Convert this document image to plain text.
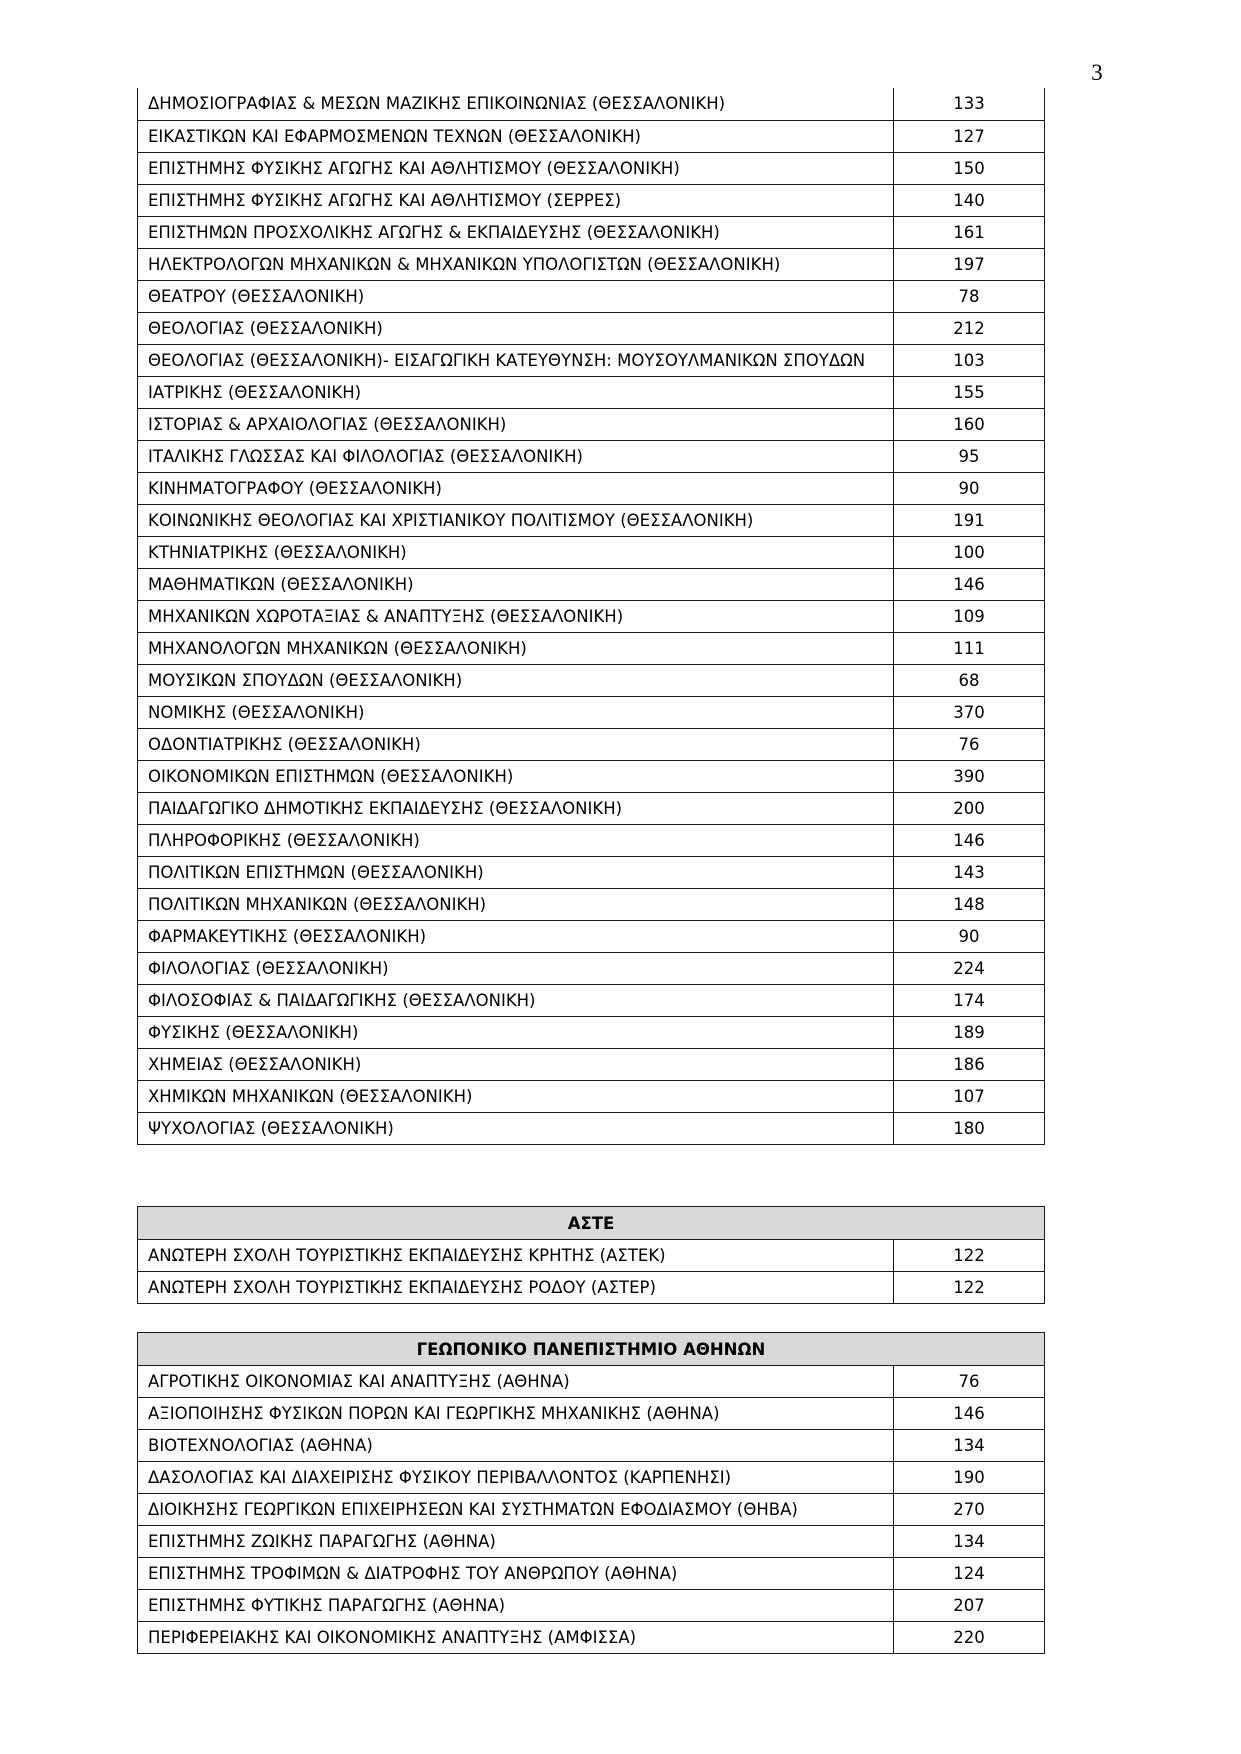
3
ΔΗΜΟΣΙΟΓΡΑΦΙΑΣ & ΜΕΣΩΝ ΜΑΖΙΚΗΣ ΕΠΙΚΟΙΝΩΝΙΑΣ (ΘΕΣΣΑΛΟΝΙΚΗ)	133
ΕΙΚΑΣΤΙΚΩΝ ΚΑΙ ΕΦΑΡΜΟΣΜΕΝΩΝ ΤΕΧΝΩΝ (ΘΕΣΣΑΛΟΝΙΚΗ)	127
ΕΠΙΣΤΗΜΗΣ ΦΥΣΙΚΗΣ ΑΓΩΓΗΣ ΚΑΙ ΑΘΛΗΤΙΣΜΟΥ (ΘΕΣΣΑΛΟΝΙΚΗ)	150
ΕΠΙΣΤΗΜΗΣ ΦΥΣΙΚΗΣ ΑΓΩΓΗΣ ΚΑΙ ΑΘΛΗΤΙΣΜΟΥ (ΣΕΡΡΕΣ)	140
ΕΠΙΣΤΗΜΩΝ ΠΡΟΣΧΟΛΙΚΗΣ ΑΓΩΓΗΣ & ΕΚΠΑΙΔΕΥΣΗΣ (ΘΕΣΣΑΛΟΝΙΚΗ)	161
ΗΛΕΚΤΡΟΛΟΓΩΝ ΜΗΧΑΝΙΚΩΝ & ΜΗΧΑΝΙΚΩΝ ΥΠΟΛΟΓΙΣΤΩΝ (ΘΕΣΣΑΛΟΝΙΚΗ)	197
ΘΕΑΤΡΟΥ (ΘΕΣΣΑΛΟΝΙΚΗ)	78
ΘΕΟΛΟΓΙΑΣ (ΘΕΣΣΑΛΟΝΙΚΗ)	212
ΘΕΟΛΟΓΙΑΣ (ΘΕΣΣΑΛΟΝΙΚΗ)- ΕΙΣΑΓΩΓΙΚΗ ΚΑΤΕΥΘΥΝΣΗ: ΜΟΥΣΟΥΛΜΑΝΙΚΩΝ ΣΠΟΥΔΩΝ	103
ΙΑΤΡΙΚΗΣ (ΘΕΣΣΑΛΟΝΙΚΗ)	155
ΙΣΤΟΡΙΑΣ & ΑΡΧΑΙΟΛΟΓΙΑΣ (ΘΕΣΣΑΛΟΝΙΚΗ)	160
ΙΤΑΛΙΚΗΣ ΓΛΩΣΣΑΣ ΚΑΙ ΦΙΛΟΛΟΓΙΑΣ (ΘΕΣΣΑΛΟΝΙΚΗ)	95
ΚΙΝΗΜΑΤΟΓΡΑΦΟΥ (ΘΕΣΣΑΛΟΝΙΚΗ)	90
ΚΟΙΝΩΝΙΚΗΣ ΘΕΟΛΟΓΙΑΣ ΚΑΙ ΧΡΙΣΤΙΑΝΙΚΟΥ ΠΟΛΙΤΙΣΜΟΥ (ΘΕΣΣΑΛΟΝΙΚΗ)	191
ΚΤΗΝΙΑΤΡΙΚΗΣ (ΘΕΣΣΑΛΟΝΙΚΗ)	100
ΜΑΘΗΜΑΤΙΚΩΝ (ΘΕΣΣΑΛΟΝΙΚΗ)	146
ΜΗΧΑΝΙΚΩΝ ΧΩΡΟΤΑΞΙΑΣ & ΑΝΑΠΤΥΞΗΣ (ΘΕΣΣΑΛΟΝΙΚΗ)	109
ΜΗΧΑΝΟΛΟΓΩΝ ΜΗΧΑΝΙΚΩΝ (ΘΕΣΣΑΛΟΝΙΚΗ)	111
ΜΟΥΣΙΚΩΝ ΣΠΟΥΔΩΝ (ΘΕΣΣΑΛΟΝΙΚΗ)	68
ΝΟΜΙΚΗΣ (ΘΕΣΣΑΛΟΝΙΚΗ)	370
ΟΔΟΝΤΙΑΤΡΙΚΗΣ (ΘΕΣΣΑΛΟΝΙΚΗ)	76
ΟΙΚΟΝΟΜΙΚΩΝ ΕΠΙΣΤΗΜΩΝ (ΘΕΣΣΑΛΟΝΙΚΗ)	390
ΠΑΙΔΑΓΩΓΙΚΟ ΔΗΜΟΤΙΚΗΣ ΕΚΠΑΙΔΕΥΣΗΣ (ΘΕΣΣΑΛΟΝΙΚΗ)	200
ΠΛΗΡΟΦΟΡΙΚΗΣ (ΘΕΣΣΑΛΟΝΙΚΗ)	146
ΠΟΛΙΤΙΚΩΝ ΕΠΙΣΤΗΜΩΝ (ΘΕΣΣΑΛΟΝΙΚΗ)	143
ΠΟΛΙΤΙΚΩΝ ΜΗΧΑΝΙΚΩΝ (ΘΕΣΣΑΛΟΝΙΚΗ)	148
ΦΑΡΜΑΚΕΥΤΙΚΗΣ (ΘΕΣΣΑΛΟΝΙΚΗ)	90
ΦΙΛΟΛΟΓΙΑΣ (ΘΕΣΣΑΛΟΝΙΚΗ)	224
ΦΙΛΟΣΟΦΙΑΣ & ΠΑΙΔΑΓΩΓΙΚΗΣ (ΘΕΣΣΑΛΟΝΙΚΗ)	174
ΦΥΣΙΚΗΣ (ΘΕΣΣΑΛΟΝΙΚΗ)	189
ΧΗΜΕΙΑΣ (ΘΕΣΣΑΛΟΝΙΚΗ)	186
ΧΗΜΙΚΩΝ ΜΗΧΑΝΙΚΩΝ (ΘΕΣΣΑΛΟΝΙΚΗ)	107
ΨΥΧΟΛΟΓΙΑΣ (ΘΕΣΣΑΛΟΝΙΚΗ)	180
ΑΣΤΕ	
ΑΝΩΤΕΡΗ ΣΧΟΛΗ ΤΟΥΡΙΣΤΙΚΗΣ ΕΚΠΑΙΔΕΥΣΗΣ ΚΡΗΤΗΣ (ΑΣΤΕΚ)	122
ΑΝΩΤΕΡΗ ΣΧΟΛΗ ΤΟΥΡΙΣΤΙΚΗΣ ΕΚΠΑΙΔΕΥΣΗΣ ΡΟΔΟΥ (ΑΣΤΕΡ)	122
ΓΕΩΠΟΝΙΚΟ ΠΑΝΕΠΙΣΤΗΜΙΟ ΑΘΗΝΩΝ	
ΑΓΡΟΤΙΚΗΣ ΟΙΚΟΝΟΜΙΑΣ ΚΑΙ ΑΝΑΠΤΥΞΗΣ (ΑΘΗΝΑ)	76
ΑΞΙΟΠΟΙΗΣΗΣ ΦΥΣΙΚΩΝ ΠΟΡΩΝ ΚΑΙ ΓΕΩΡΓΙΚΗΣ ΜΗΧΑΝΙΚΗΣ (ΑΘΗΝΑ)	146
ΒΙΟΤΕΧΝΟΛΟΓΙΑΣ (ΑΘΗΝΑ)	134
ΔΑΣΟΛΟΓΙΑΣ ΚΑΙ ΔΙΑΧΕΙΡΙΣΗΣ ΦΥΣΙΚΟΥ ΠΕΡΙΒΑΛΛΟΝΤΟΣ (ΚΑΡΠΕΝΗΣΙ)	190
ΔΙΟΙΚΗΣΗΣ ΓΕΩΡΓΙΚΩΝ ΕΠΙΧΕΙΡΗΣΕΩΝ ΚΑΙ ΣΥΣΤΗΜΑΤΩΝ ΕΦΟΔΙΑΣΜΟΥ (ΘΗΒΑ)	270
ΕΠΙΣΤΗΜΗΣ ΖΩΙΚΗΣ ΠΑΡΑΓΩΓΗΣ (ΑΘΗΝΑ)	134
ΕΠΙΣΤΗΜΗΣ ΤΡΟΦΙΜΩΝ & ΔΙΑΤΡΟΦΗΣ ΤΟΥ ΑΝΘΡΩΠΟΥ (ΑΘΗΝΑ)	124
ΕΠΙΣΤΗΜΗΣ ΦΥΤΙΚΗΣ ΠΑΡΑΓΩΓΗΣ (ΑΘΗΝΑ)	207
ΠΕΡΙΦΕΡΕΙΑΚΗΣ ΚΑΙ ΟΙΚΟΝΟΜΙΚΗΣ ΑΝΑΠΤΥΞΗΣ (ΑΜΦΙΣΣΑ)	220
